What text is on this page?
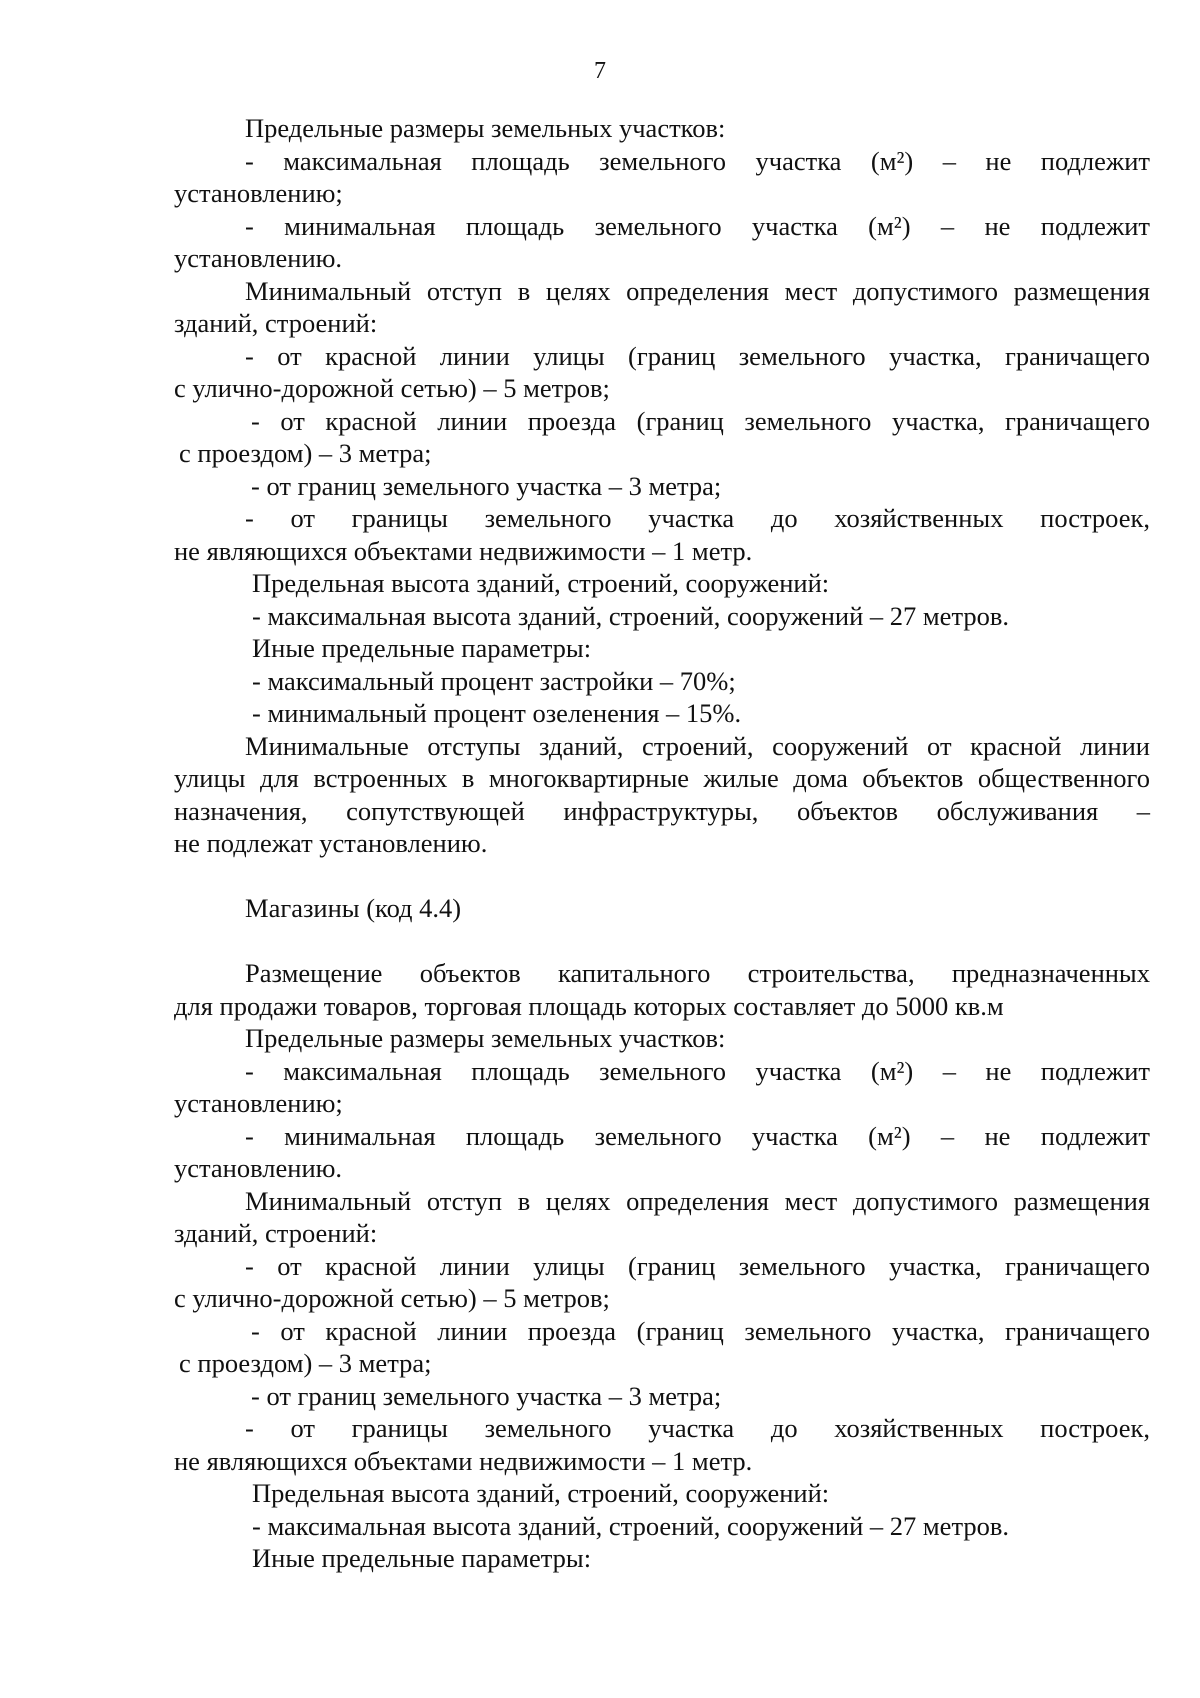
7
Предельные размеры земельных участков:
- максимальная площадь земельного участка (м²) – не подлежит
установлению;
- минимальная площадь земельного участка (м²) – не подлежит
установлению.
Минимальный отступ в целях определения мест допустимого размещения
зданий, строений:
- от красной линии улицы (границ земельного участка, граничащего
с улично-дорожной сетью) – 5 метров;
- от красной линии проезда (границ земельного участка, граничащего
с проездом) – 3 метра;
- от границ земельного участка – 3 метра;
- от границы земельного участка до хозяйственных построек,
не являющихся объектами недвижимости – 1 метр.
Предельная высота зданий, строений, сооружений:
- максимальная высота зданий, строений, сооружений – 27 метров.
Иные предельные параметры:
- максимальный процент застройки – 70%;
- минимальный процент озеленения – 15%.
Минимальные отступы зданий, строений, сооружений от красной линии
улицы для встроенных в многоквартирные жилые дома объектов общественного
назначения, сопутствующей инфраструктуры, объектов обслуживания –
не подлежат установлению.
Магазины (код 4.4)
Размещение объектов капитального строительства, предназначенных
для продажи товаров, торговая площадь которых составляет до 5000 кв.м
Предельные размеры земельных участков:
- максимальная площадь земельного участка (м²) – не подлежит
установлению;
- минимальная площадь земельного участка (м²) – не подлежит
установлению.
Минимальный отступ в целях определения мест допустимого размещения
зданий, строений:
- от красной линии улицы (границ земельного участка, граничащего
с улично-дорожной сетью) – 5 метров;
- от красной линии проезда (границ земельного участка, граничащего
с проездом) – 3 метра;
- от границ земельного участка – 3 метра;
- от границы земельного участка до хозяйственных построек,
не являющихся объектами недвижимости – 1 метр.
Предельная высота зданий, строений, сооружений:
- максимальная высота зданий, строений, сооружений – 27 метров.
Иные предельные параметры:
